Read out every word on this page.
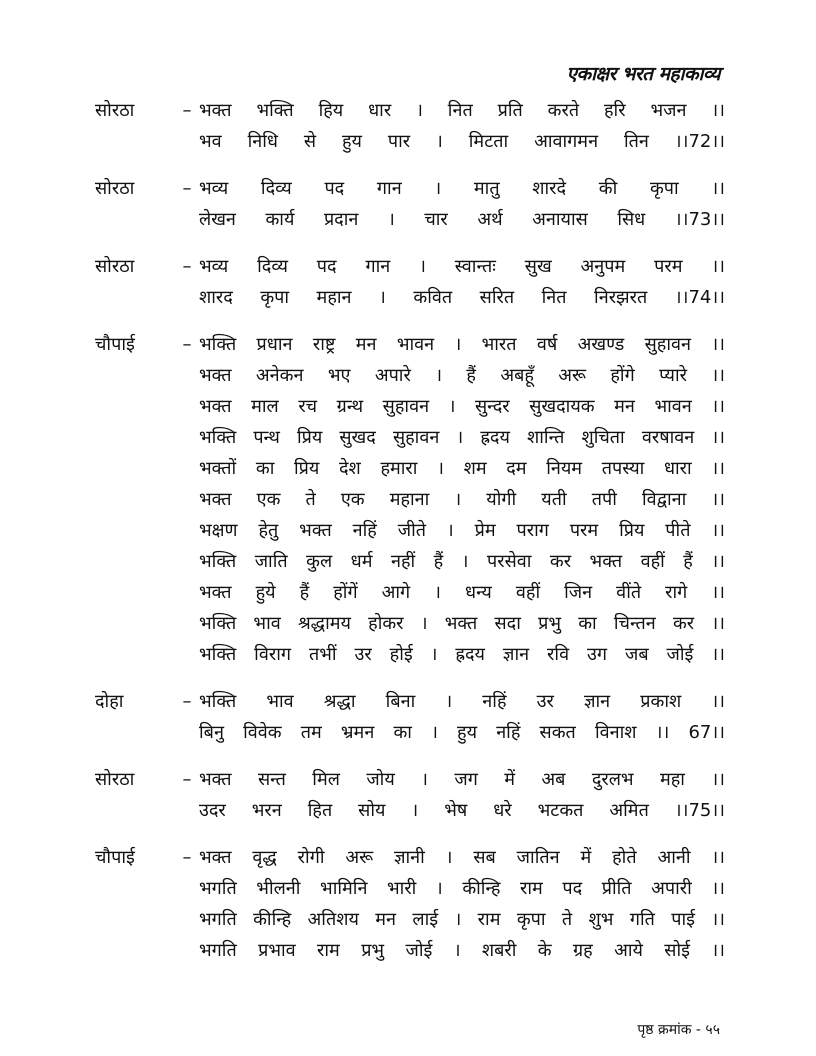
एकाक्षर भरत महाकाव्य
सोरठा	– भक्त भक्ति हिय धार । नित प्रति करते हरि भजन ।।
भव निधि से हुय पार । मिटता आवागमन तिन ।।72।।
सोरठा	– भव्य दिव्य पद गान । मातु शारदे की कृपा ।।
लेखन कार्य प्रदान । चार अर्थ अनायास सिध ।।73।।
सोरठा	– भव्य दिव्य पद गान । स्वान्तः सुख अनुपम परम ।।
शारद कृपा महान । कवित सरित नित निरझरत ।।74।।
चौपाई	– भक्ति प्रधान राष्ट्र मन भावन । भारत वर्ष अखण्ड सुहावन ।।
भक्त अनेकन भए अपारे । हैं अबहूँ अरू होंगे प्यारे ।।
भक्त माल रच ग्रन्थ सुहावन । सुन्दर सुखदायक मन भावन ।।
भक्ति पन्थ प्रिय सुखद सुहावन । ह्रदय शान्ति शुचिता वरषावन ।।
भक्तों का प्रिय देश हमारा । शम दम नियम तपस्या धारा ।।
भक्त एक ते एक महाना । योगी यती तपी विद्वाना ।।
भक्षण हेतु भक्त नहिं जीते । प्रेम पराग परम प्रिय पीते ।।
भक्ति जाति कुल धर्म नहीं हैं । परसेवा कर भक्त वहीं हैं ।।
भक्त हुये हैं होंगें आगे । धन्य वहीं जिन वींते रागे ।।
भक्ति भाव श्रद्धामय होकर । भक्त सदा प्रभु का चिन्तन कर ।।
भक्ति विराग तभीं उर होई । ह्रदय ज्ञान रवि उग जब जोई ।।
दोहा	– भक्ति भाव श्रद्धा बिना । नहिं उर ज्ञान प्रकाश ।।
बिनु विवेक तम भ्रमन का । हुय नहिं सकत विनाश ।। 67।।
सोरठा	– भक्त सन्त मिल जोय । जग में अब दुरलभ महा ।।
उदर भरन हित सोय । भेष धरे भटकत अमित ।।75।।
चौपाई	– भक्त वृद्ध रोगी अरू ज्ञानी । सब जातिन में होते आनी ।।
भगति भीलनी भामिनि भारी । कीन्हि राम पद प्रीति अपारी ।।
भगति कीन्हि अतिशय मन लाई । राम कृपा ते शुभ गति पाई ।।
भगति प्रभाव राम प्रभु जोई । शबरी के ग्रह आये सोई ।।
पृष्ठ क्रमांक - ५५
